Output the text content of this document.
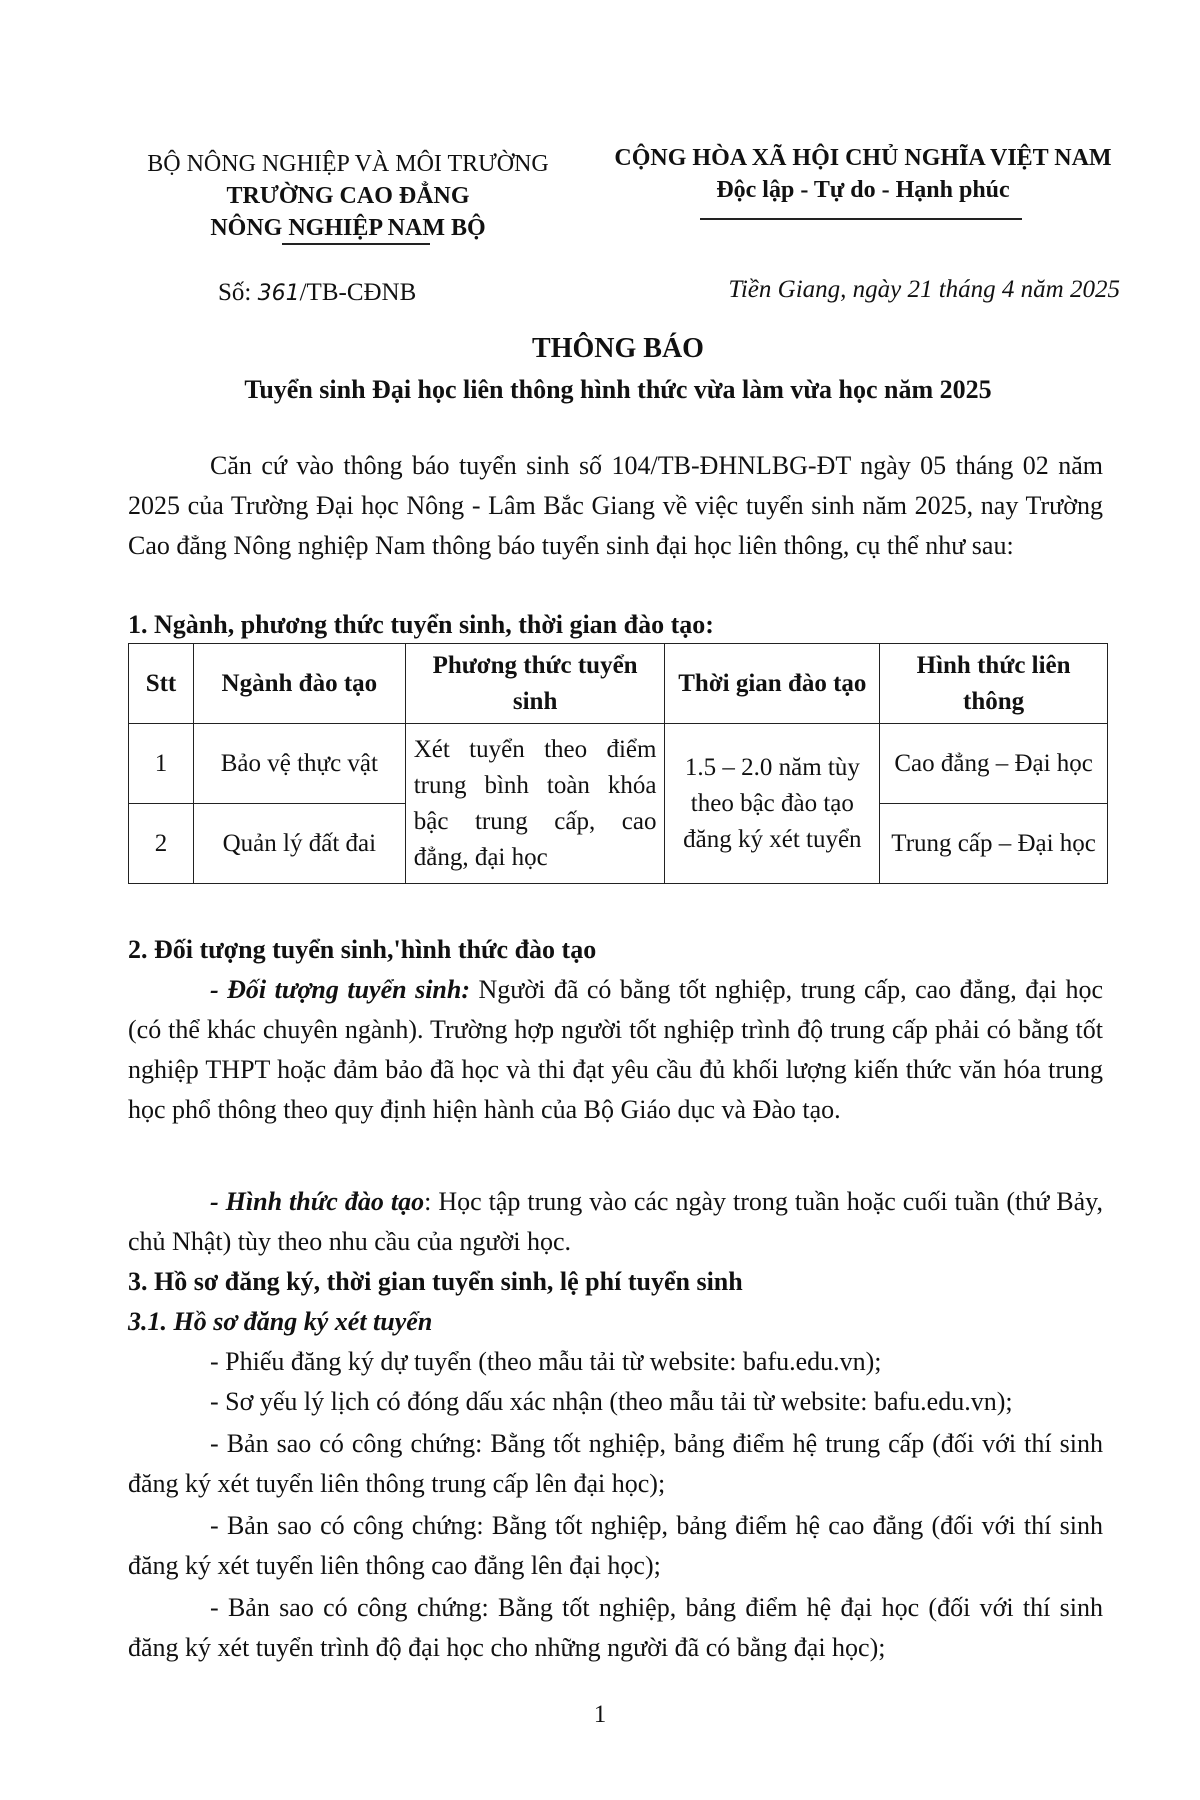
BỘ NÔNG NGHIỆP VÀ MÔI TRƯỜNG
TRƯỜNG CAO ĐẲNG
NÔNG NGHIỆP NAM BỘ
CỘNG HÒA XÃ HỘI CHỦ NGHĨA VIỆT NAM
Độc lập - Tự do - Hạnh phúc
Số: 361/TB-CĐNB	Tiền Giang, ngày 21 tháng 4 năm 2025
THÔNG BÁO
Tuyển sinh Đại học liên thông hình thức vừa làm vừa học năm 2025
Căn cứ vào thông báo tuyển sinh số 104/TB-ĐHNLBG-ĐT ngày 05 tháng 02 năm 2025 của Trường Đại học Nông - Lâm Bắc Giang về việc tuyển sinh năm 2025, nay Trường Cao đẳng Nông nghiệp Nam thông báo tuyển sinh đại học liên thông, cụ thể như sau:
1. Ngành, phương thức tuyển sinh, thời gian đào tạo:
Stt	Ngành đào tạo	Phương thức tuyển sinh	Thời gian đào tạo	Hình thức liên thông
1	Bảo vệ thực vật	Xét tuyển theo điểm trung bình toàn khóa bậc trung cấp, cao đẳng, đại học	1.5 – 2.0 năm tùy theo bậc đào tạo đăng ký xét tuyển	Cao đẳng – Đại học
2	Quản lý đất đai			Trung cấp – Đại học
2. Đối tượng tuyển sinh,'hình thức đào tạo
- Đối tượng tuyển sinh: Người đã có bằng tốt nghiệp, trung cấp, cao đẳng, đại học (có thể khác chuyên ngành). Trường hợp người tốt nghiệp trình độ trung cấp phải có bằng tốt nghiệp THPT hoặc đảm bảo đã học và thi đạt yêu cầu đủ khối lượng kiến thức văn hóa trung học phổ thông theo quy định hiện hành của Bộ Giáo dục và Đào tạo.
- Hình thức đào tạo: Học tập trung vào các ngày trong tuần hoặc cuối tuần (thứ Bảy, chủ Nhật) tùy theo nhu cầu của người học.
3. Hồ sơ đăng ký, thời gian tuyển sinh, lệ phí tuyển sinh
3.1. Hồ sơ đăng ký xét tuyển
- Phiếu đăng ký dự tuyển (theo mẫu tải từ website: bafu.edu.vn);
- Sơ yếu lý lịch có đóng dấu xác nhận (theo mẫu tải từ website: bafu.edu.vn);
- Bản sao có công chứng: Bằng tốt nghiệp, bảng điểm hệ trung cấp (đối với thí sinh đăng ký xét tuyển liên thông trung cấp lên đại học);
- Bản sao có công chứng: Bằng tốt nghiệp, bảng điểm hệ cao đẳng (đối với thí sinh đăng ký xét tuyển liên thông cao đẳng lên đại học);
- Bản sao có công chứng: Bằng tốt nghiệp, bảng điểm hệ đại học (đối với thí sinh đăng ký xét tuyển trình độ đại học cho những người đã có bằng đại học);
1
